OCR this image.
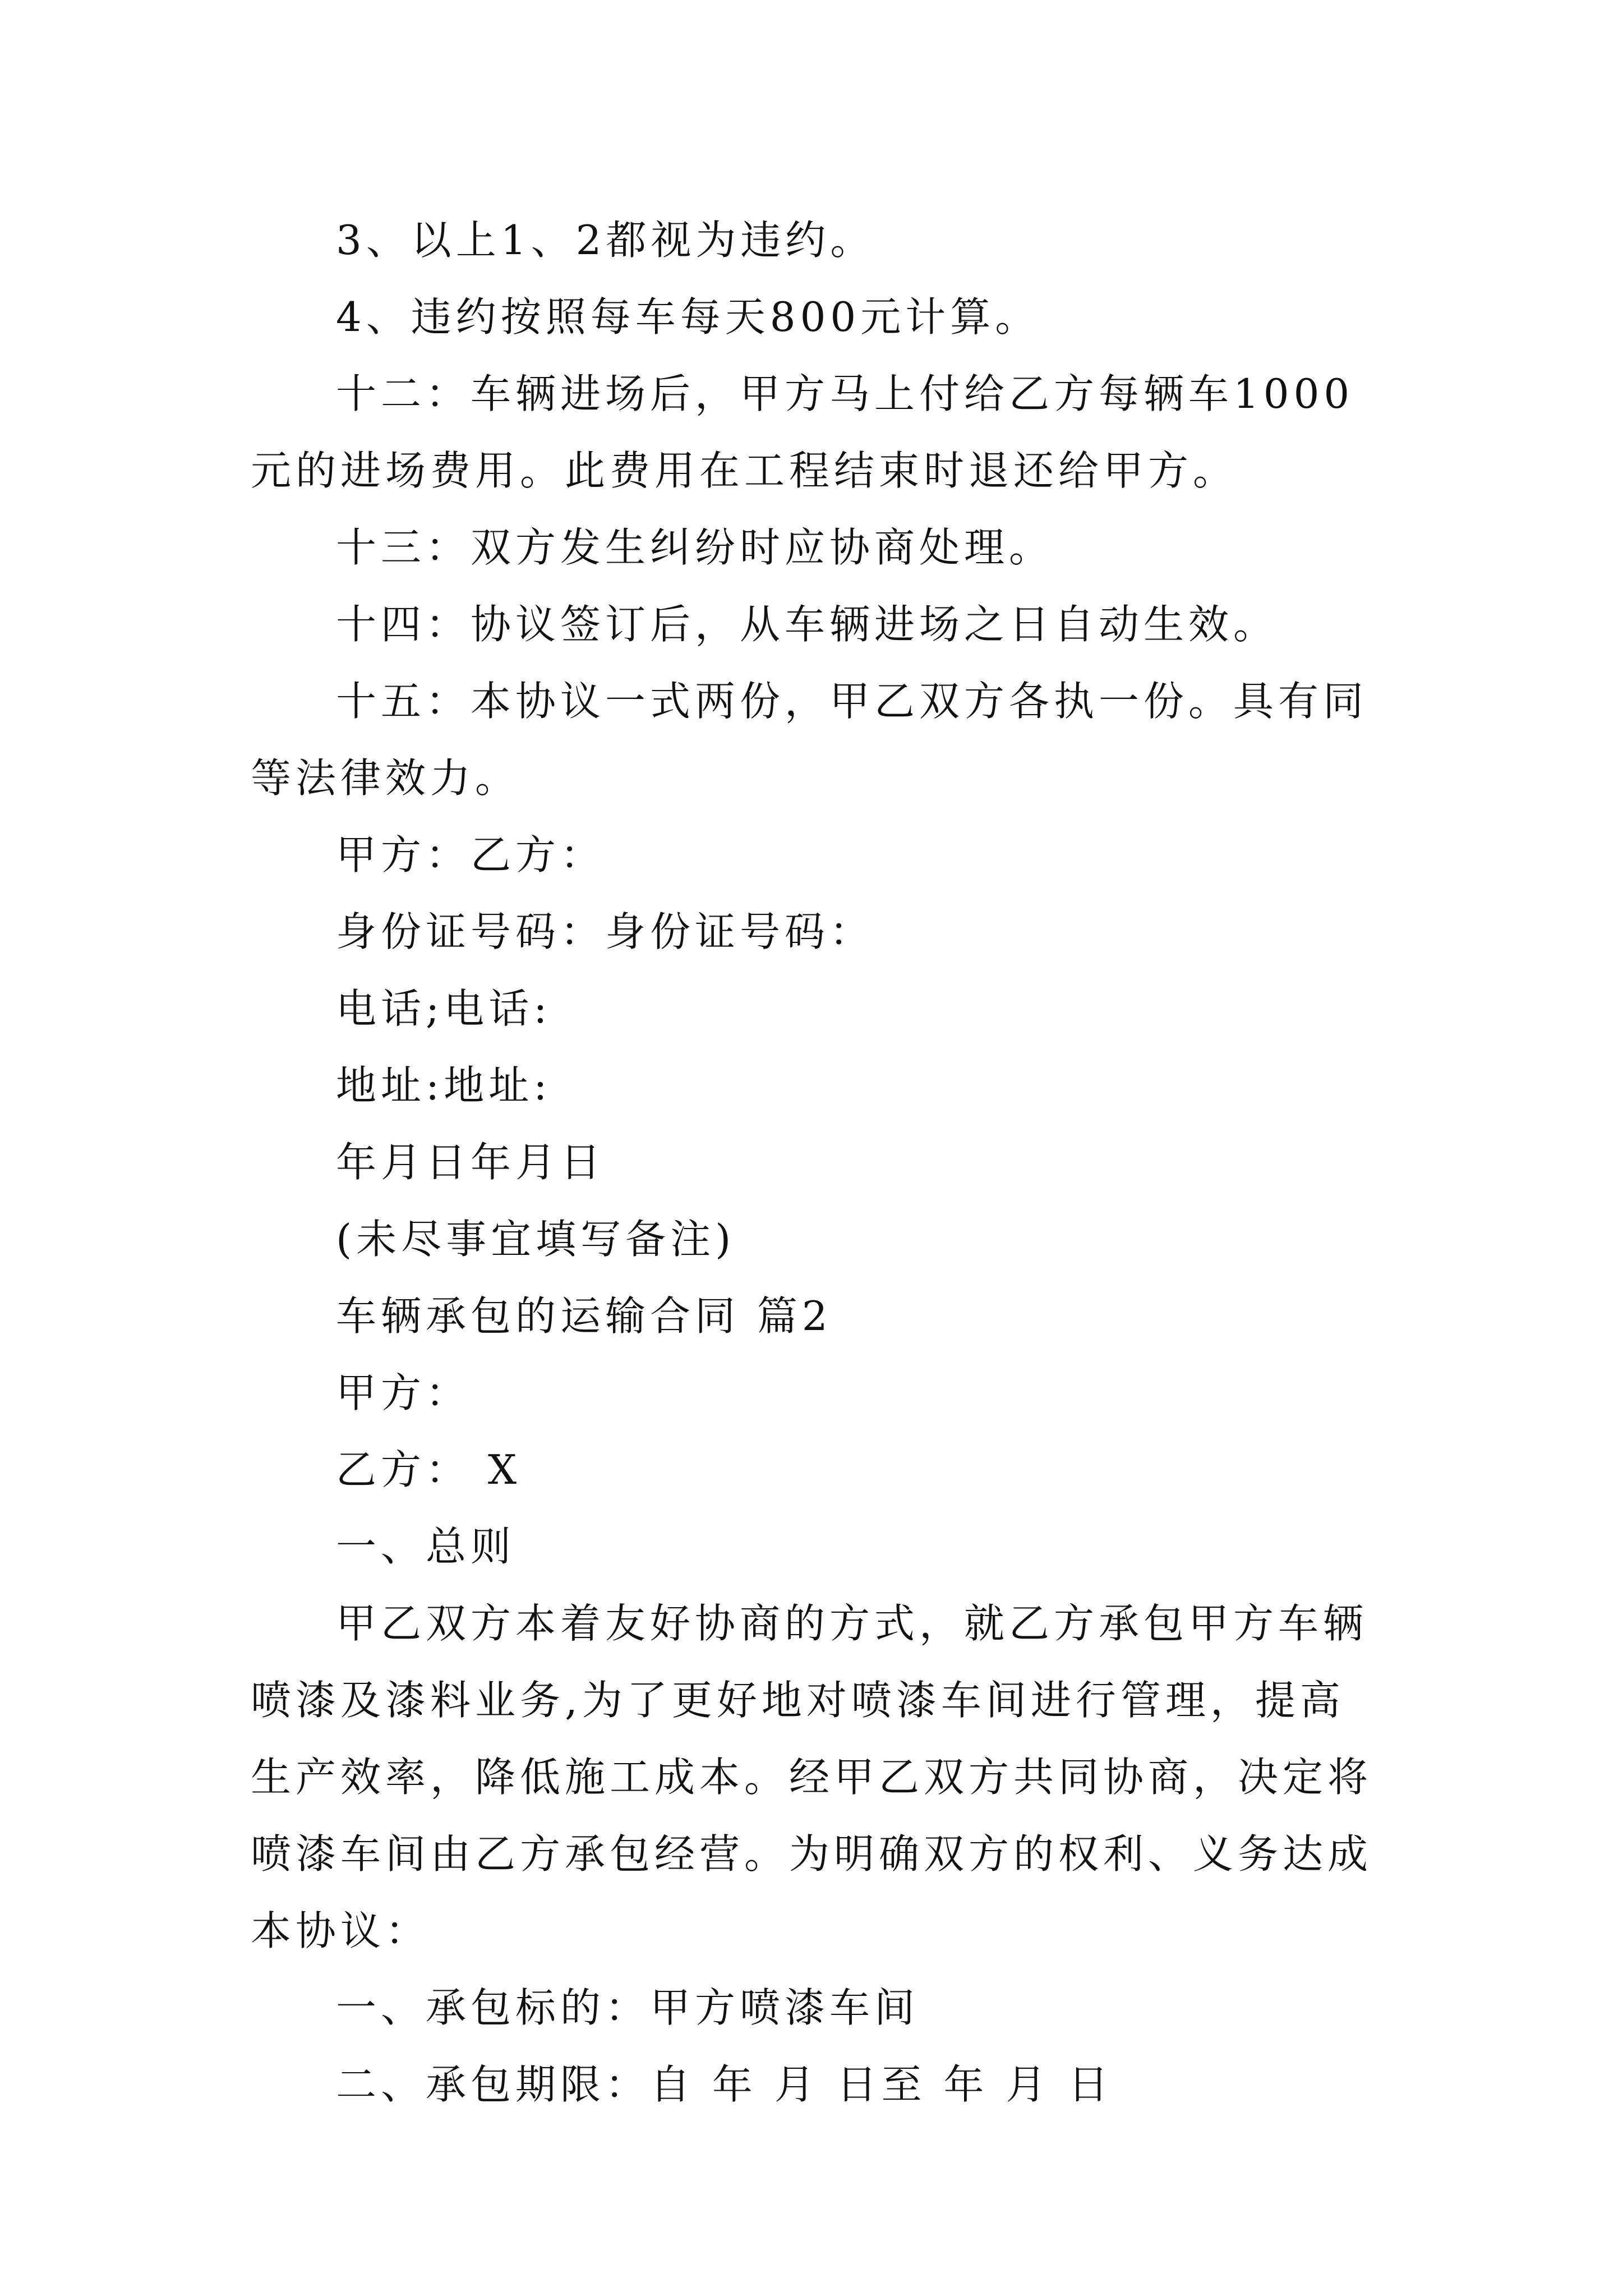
3、以上1、2都视为违约。

4、违约按照每车每天800元计算。

十二：车辆进场后，甲方马上付给乙方每辆车1000元的进场费用。此费用在工程结束时退还给甲方。

十三：双方发生纠纷时应协商处理。

十四：协议签订后，从车辆进场之日自动生效。

十五：本协议一式两份，甲乙双方各执一份。具有同等法律效力。

甲方：乙方：

身份证号码：身份证号码：

电话;电话:

地址:地址:

年月日年月日

(未尽事宜填写备注)

车辆承包的运输合同 篇2

甲方：

乙方： X

一、总则

甲乙双方本着友好协商的方式，就乙方承包甲方车辆喷漆及漆料业务,为了更好地对喷漆车间进行管理，提高生产效率，降低施工成本。经甲乙双方共同协商，决定将喷漆车间由乙方承包经营。为明确双方的权利、义务达成本协议：

一、承包标的：甲方喷漆车间

二、承包期限：自 年 月 日至 年 月 日
